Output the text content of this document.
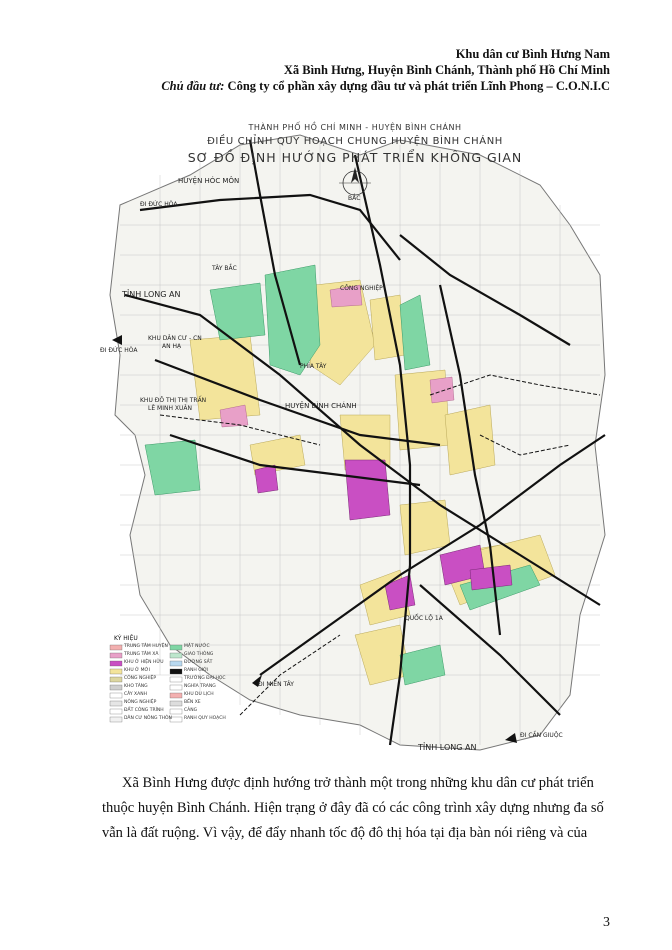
Khu dân cư Bình Hưng Nam
Xã Bình Hưng, Huyện Bình Chánh, Thành phố Hồ Chí Minh
Chủ đầu tư: Công ty cổ phần xây dựng đầu tư và phát triển Lĩnh Phong – C.O.N.I.C
THÀNH PHỐ HỒ CHÍ MINH - HUYỆN BÌNH CHÁNH
ĐIỀU CHỈNH QUY HOẠCH CHUNG HUYỆN BÌNH CHÁNH
SƠ ĐỒ ĐỊNH HƯỚNG PHÁT TRIỂN KHÔNG GIAN
HUYỆN HÓC MÔN
ĐI ĐỨC HÒA
TỈNH LONG AN
KHU DÂN CƯ - CN
AN HẠ
ĐI ĐỨC HÒA
KHU ĐÔ THỊ THỊ TRẤN
LÊ MINH XUÂN	HUYỆN BÌNH CHÁNH
TÂY BẮC
PHÍA TÂY
CÔNG NGHIỆP
ĐI MIỀN TÂY
TỈNH LONG AN
ĐI CẦN GIUỘC
QUỐC LỘ 1A
BẮC
KÝ HIỆU
TRUNG TÂM HUYỆN
TRUNG TÂM XÃ
KHU Ở HIỆN HỮU
KHU Ở MỚI
CÔNG NGHIỆP
KHO TÀNG
CÂY XANH
NÔNG NGHIỆP
ĐẤT CÔNG TRÌNH
DÂN CƯ NÔNG THÔN
MẶT NƯỚC
GIAO THÔNG
ĐƯỜNG SẮT
RANH GIỚI
TRƯỜNG ĐẠI HỌC
NGHĨA TRANG
KHU DU LỊCH
BẾN XE
CẢNG
RANH QUY HOẠCH
Xã Bình Hưng được định hướng trở thành một trong những khu dân cư phát triển
thuộc huyện Bình Chánh. Hiện trạng ở đây đã có các công trình xây dựng nhưng đa số
vẫn là đất ruộng. Vì vậy, để đẩy nhanh tốc độ đô thị hóa tại địa bàn nói riêng và của
3
